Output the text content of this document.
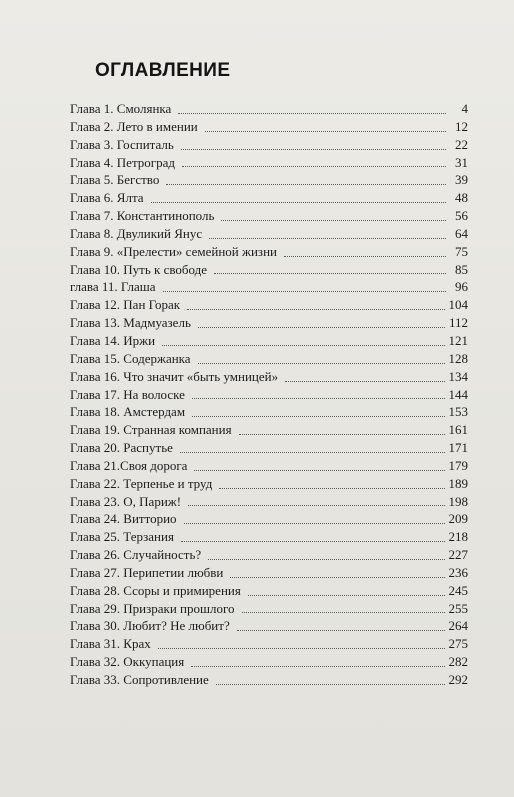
ОГЛАВЛЕНИЕ
Глава 1. Смолянка	4
Глава 2. Лето в имении	12
Глава 3. Госпиталь	22
Глава 4. Петроград	31
Глава 5. Бегство	39
Глава 6. Ялта	48
Глава 7. Константинополь	56
Глава 8. Двуликий Янус	64
Глава 9. «Прелести» семейной жизни	75
Глава 10. Путь к свободе	85
глава 11. Глаша	96
Глава 12. Пан Горак	104
Глава 13. Мадмуазель	112
Глава 14. Иржи	121
Глава 15. Содержанка	128
Глава 16. Что значит «быть умницей»	134
Глава 17. На волоске	144
Глава 18. Амстердам	153
Глава 19. Странная компания	161
Глава 20. Распутье	171
Глава 21.Своя дорога	179
Глава 22. Терпенье и труд	189
Глава 23. О, Париж!	198
Глава 24. Витторио	209
Глава 25. Терзания	218
Глава 26. Случайность?	227
Глава 27. Перипетии любви	236
Глава 28. Ссоры и примирения	245
Глава 29. Призраки прошлого	255
Глава 30. Любит? Не любит?	264
Глава 31. Крах	275
Глава 32. Оккупация	282
Глава 33. Сопротивление	292
